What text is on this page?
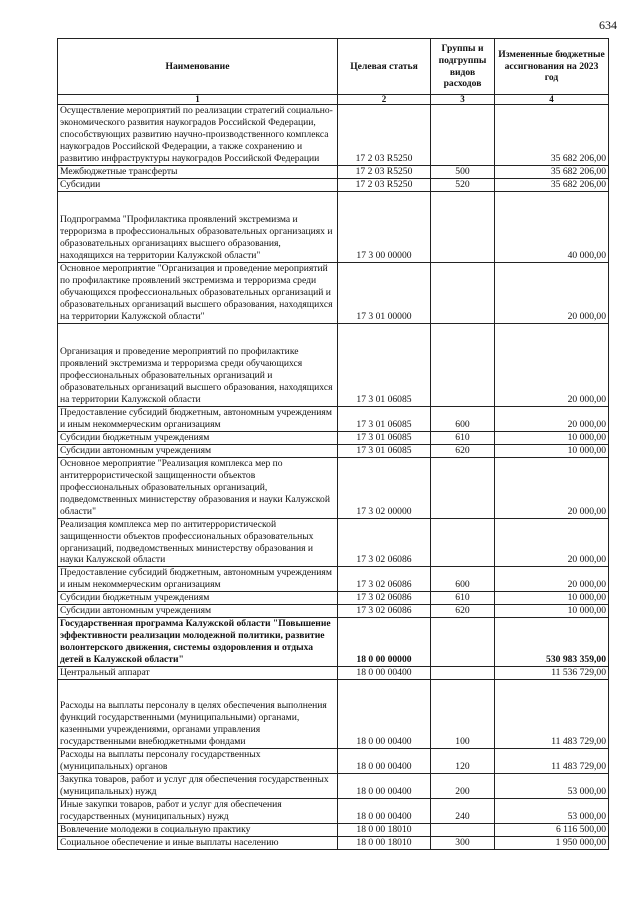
634
Наименование	Целевая статья	Группы и подгруппы видов расходов	Измененные бюджетные ассигнования на 2023 год
1	2	3	4
Осуществление мероприятий по реализации стратегий социально-экономического развития наукоградов Российской Федерации, способствующих развитию научно-производственного комплекса наукоградов Российской Федерации, а также сохранению и развитию инфраструктуры наукоградов Российской Федерации	17 2 03 R5250		35 682 206,00
Межбюджетные трансферты	17 2 03 R5250	500	35 682 206,00
Субсидии	17 2 03 R5250	520	35 682 206,00
Подпрограмма "Профилактика проявлений экстремизма и терроризма в профессиональных образовательных организациях и образовательных организациях высшего образования, находящихся на территории Калужской области"	17 3 00 00000		40 000,00
Основное мероприятие "Организация и проведение мероприятий по профилактике проявлений экстремизма и терроризма среди обучающихся профессиональных образовательных организаций и образовательных организаций высшего образования, находящихся на территории Калужской области"	17 3 01 00000		20 000,00
Организация и проведение мероприятий по профилактике проявлений экстремизма и терроризма среди обучающихся профессиональных образовательных организаций и образовательных организаций высшего образования, находящихся на территории Калужской области	17 3 01 06085		20 000,00
Предоставление субсидий бюджетным, автономным учреждениям и иным некоммерческим организациям	17 3 01 06085	600	20 000,00
Субсидии бюджетным учреждениям	17 3 01 06085	610	10 000,00
Субсидии автономным учреждениям	17 3 01 06085	620	10 000,00
Основное мероприятие "Реализация комплекса мер по антитеррористической защищенности объектов профессиональных образовательных организаций, подведомственных министерству образования и науки Калужской области"	17 3 02 00000		20 000,00
Реализация комплекса мер по антитеррористической защищенности объектов профессиональных образовательных организаций, подведомственных министерству образования и науки Калужской области	17 3 02 06086		20 000,00
Предоставление субсидий бюджетным, автономным учреждениям и иным некоммерческим организациям	17 3 02 06086	600	20 000,00
Субсидии бюджетным учреждениям	17 3 02 06086	610	10 000,00
Субсидии автономным учреждениям	17 3 02 06086	620	10 000,00
Государственная программа Калужской области "Повышение эффективности реализации молодежной политики, развитие волонтерского движения, системы оздоровления и отдыха детей в Калужской области"	18 0 00 00000		530 983 359,00
Центральный аппарат	18 0 00 00400		11 536 729,00
Расходы на выплаты персоналу в целях обеспечения выполнения функций государственными (муниципальными) органами, казенными учреждениями, органами управления государственными внебюджетными фондами	18 0 00 00400	100	11 483 729,00
Расходы на выплаты персоналу государственных (муниципальных) органов	18 0 00 00400	120	11 483 729,00
Закупка товаров, работ и услуг для обеспечения государственных (муниципальных) нужд	18 0 00 00400	200	53 000,00
Иные закупки товаров, работ и услуг для обеспечения государственных (муниципальных) нужд	18 0 00 00400	240	53 000,00
Вовлечение молодежи в социальную практику	18 0 00 18010		6 116 500,00
Социальное обеспечение и иные выплаты населению	18 0 00 18010	300	1 950 000,00
